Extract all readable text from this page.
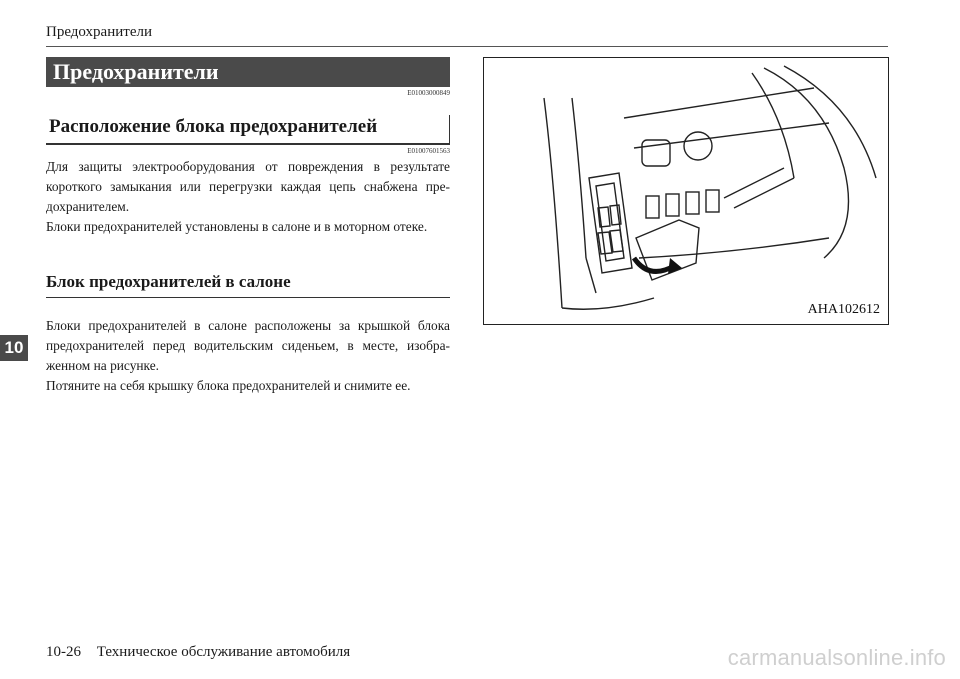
Предохранители
Предохранители
E01003000849
Расположение блока предохранителей
E01007601563
Для защиты электрооборудования от повреждения в результате короткого замыкания или перегрузки каждая цепь снабжена предохранителем.
Блоки предохранителей установлены в салоне и в моторном отеке.
Блок предохранителей в салоне
Блоки предохранителей в салоне расположены за крышкой блока предохранителей перед водительским сиденьем, в месте, изображенном на рисунке.
Потяните на себя крышку блока предохранителей и снимите ее.
10
AHA102612
10-26 Техническое обслуживание автомобиля	carmanualsonline.info
